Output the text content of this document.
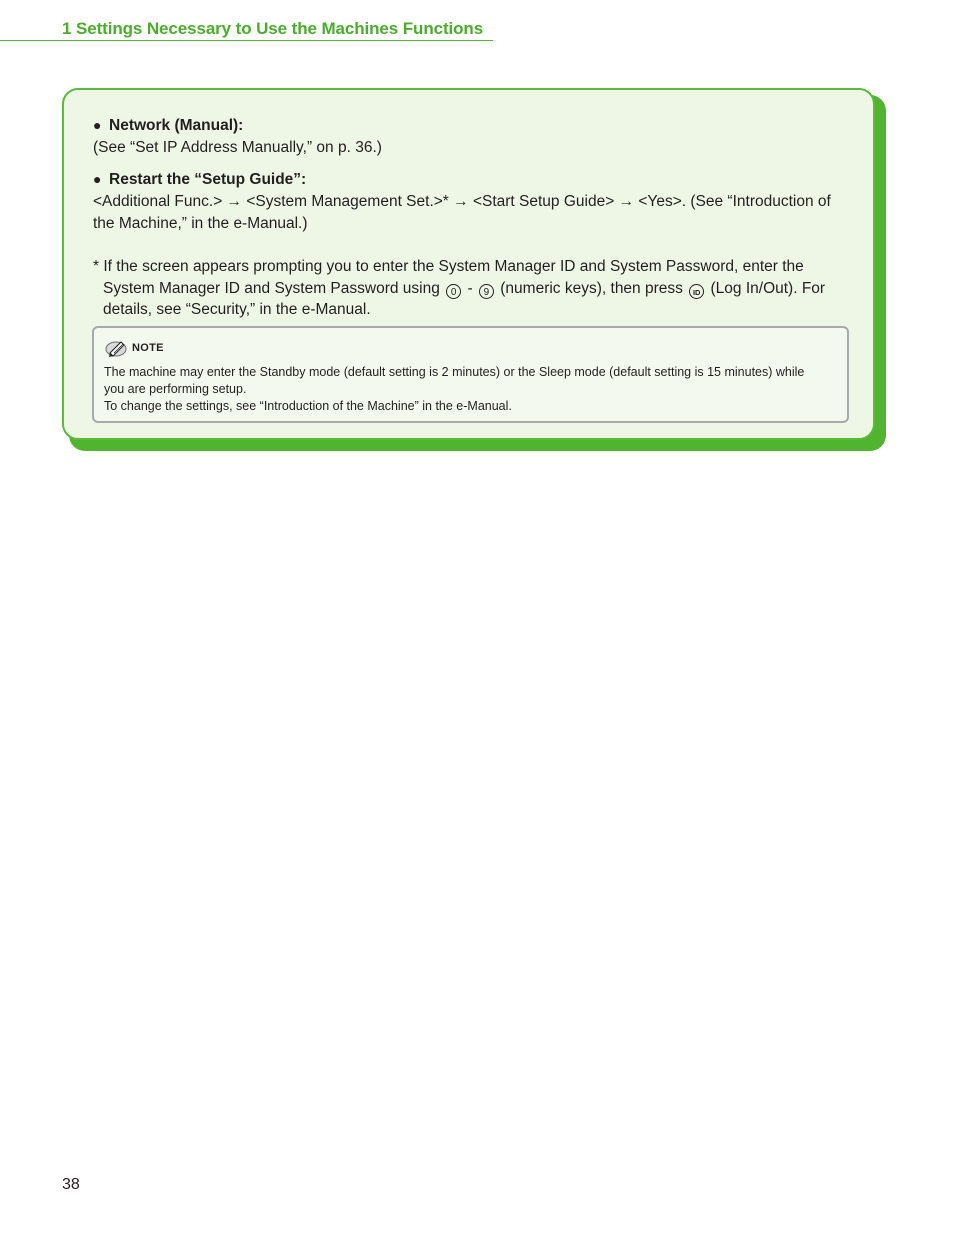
1 Settings Necessary to Use the Machines Functions
● Network (Manual):
(See “Set IP Address Manually,” on p. 36.)
● Restart the “Setup Guide”:
<Additional Func.> → <System Management Set.>* → <Start Setup Guide> → <Yes>. (See “Introduction of
the Machine,” in the e-Manual.)
* If the screen appears prompting you to enter the System Manager ID and System Password, enter the System Manager ID and System Password using 0 - 9 (numeric keys), then press ID (Log In/Out). For details, see “Security,” in the e-Manual.
NOTE

The machine may enter the Standby mode (default setting is 2 minutes) or the Sleep mode (default setting is 15 minutes) while you are performing setup.

To change the settings, see “Introduction of the Machine” in the e-Manual.

38
